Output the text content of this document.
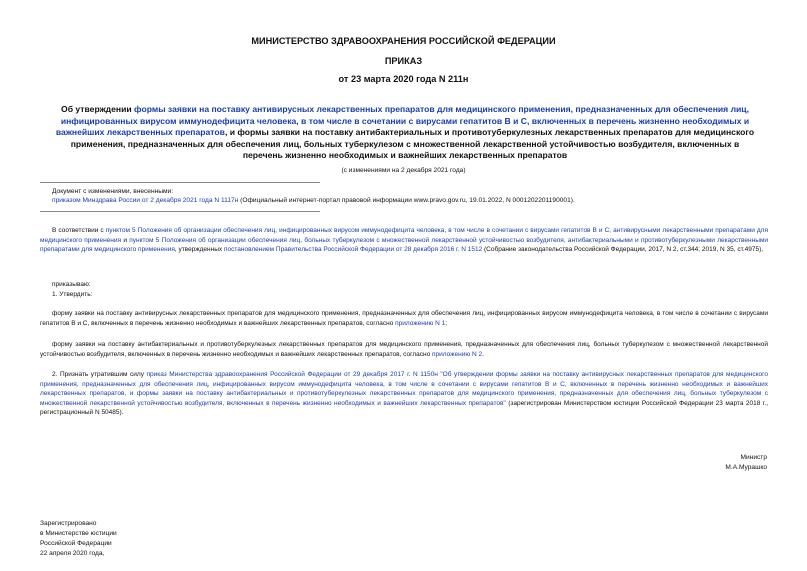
МИНИСТЕРСТВО ЗДРАВООХРАНЕНИЯ РОССИЙСКОЙ ФЕДЕРАЦИИ
ПРИКАЗ
от 23 марта 2020 года N 211н
Об утверждении формы заявки на поставку антивирусных лекарственных препаратов для медицинского применения, предназначенных для обеспечения лиц, инфицированных вирусом иммунодефицита человека, в том числе в сочетании с вирусами гепатитов B и C, включенных в перечень жизненно необходимых и важнейших лекарственных препаратов, и формы заявки на поставку антибактериальных и противотуберкулезных лекарственных препаратов для медицинского применения, предназначенных для обеспечения лиц, больных туберкулезом с множественной лекарственной устойчивостью возбудителя, включенных в перечень жизненно необходимых и важнейших лекарственных препаратов
(с изменениями на 2 декабря 2021 года)
Документ с изменениями, внесенными:
приказом Минздрава России от 2 декабря 2021 года N 1117н (Официальный интернет-портал правовой информации www.pravo.gov.ru, 19.01.2022, N 0001202201190001).
В соответствии с пунктом 5 Положения об организации обеспечения лиц, инфицированных вирусом иммунодефицита человека, в том числе в сочетании с вирусами гепатитов B и C, антивирусными лекарственными препаратами для медицинского применения и пунктом 5 Положения об организации обеспечения лиц, больных туберкулезом с множественной лекарственной устойчивостью возбудителя, антибактериальными и противотуберкулезными лекарственными препаратами для медицинского применения, утвержденных постановлением Правительства Российской Федерации от 28 декабря 2016 г. N 1512 (Собрание законодательства Российской Федерации, 2017, N 2, ст.344; 2019, N 35, ст.4975),
приказываю:
1. Утвердить:
форму заявки на поставку антивирусных лекарственных препаратов для медицинского применения, предназначенных для обеспечения лиц, инфицированных вирусом иммунодефицита человека, в том числе в сочетании с вирусами гепатитов B и C, включенных в перечень жизненно необходимых и важнейших лекарственных препаратов, согласно приложению N 1;
форму заявки на поставку антибактериальных и противотуберкулезных лекарственных препаратов для медицинского применения, предназначенных для обеспечения лиц, больных туберкулезом с множественной лекарственной устойчивостью возбудителя, включенных в перечень жизненно необходимых и важнейших лекарственных препаратов, согласно приложению N 2.
2. Признать утратившим силу приказ Министерства здравоохранения Российской Федерации от 29 декабря 2017 г. N 1150н "Об утверждении формы заявки на поставку антивирусных лекарственных препаратов для медицинского применения, предназначенных для обеспечения лиц, инфицированных вирусом иммунодефицита человека, в том числе в сочетании с вирусами гепатитов B и C, включенных в перечень жизненно необходимых и важнейших лекарственных препаратов, и формы заявки на поставку антибактериальных и противотуберкулезных лекарственных препаратов для медицинского применения, предназначенных для обеспечения лиц, больных туберкулезом с множественной лекарственной устойчивостью возбудителя, включенных в перечень жизненно необходимых и важнейших лекарственных препаратов" (зарегистрирован Министерством юстиции Российской Федерации 23 марта 2018 г., регистрационный N 50485).
Министр
М.А.Мурашко
Зарегистрировано
в Министерстве юстиции
Российской Федерации
22 апреля 2020 года,
